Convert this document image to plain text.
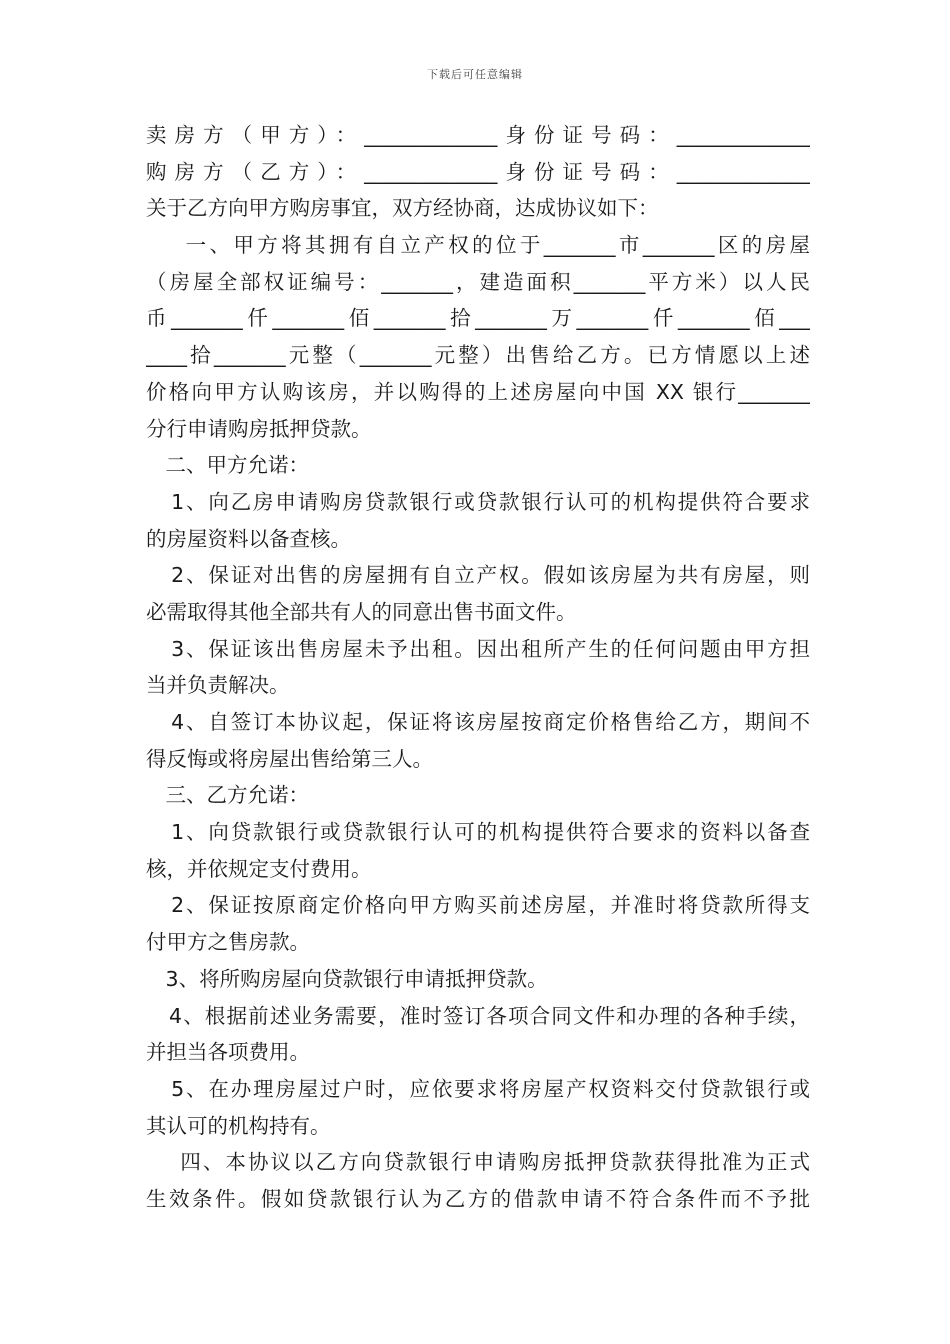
下载后可任意编辑
卖房方（甲方）：_____________身份证号码：_____________
购房方（乙方）：_____________身份证号码：_____________
关于乙方向甲方购房事宜，双方经协商，达成协议如下：
一、甲方将其拥有自立产权的位于_______市_______区的房屋
（房屋全部权证编号：_______，建造面积_______平方米）以人民
币_______仟_______佰_______拾_______万_______仟_______佰___
____拾_______元整（_______元整）出售给乙方。已方情愿以上述
价格向甲方认购该房，并以购得的上述房屋向中国 XX 银行_______
分行申请购房抵押贷款。
二、甲方允诺：
1、向乙房申请购房贷款银行或贷款银行认可的机构提供符合要求
的房屋资料以备查核。
2、保证对出售的房屋拥有自立产权。假如该房屋为共有房屋，则
必需取得其他全部共有人的同意出售书面文件。
3、保证该出售房屋未予出租。因出租所产生的任何问题由甲方担
当并负责解决。
4、自签订本协议起，保证将该房屋按商定价格售给乙方，期间不
得反悔或将房屋出售给第三人。
三、乙方允诺：
1、向贷款银行或贷款银行认可的机构提供符合要求的资料以备查
核，并依规定支付费用。
2、保证按原商定价格向甲方购买前述房屋，并准时将贷款所得支
付甲方之售房款。
3、将所购房屋向贷款银行申请抵押贷款。
4、根据前述业务需要，准时签订各项合同文件和办理的各种手续，
并担当各项费用。
5、在办理房屋过户时，应依要求将房屋产权资料交付贷款银行或
其认可的机构持有。
四、本协议以乙方向贷款银行申请购房抵押贷款获得批准为正式
生效条件。假如贷款银行认为乙方的借款申请不符合条件而不予批
